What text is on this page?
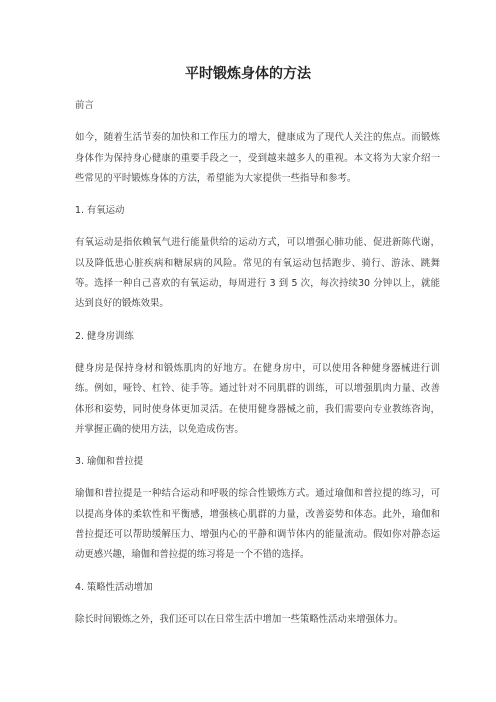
平时锻炼身体的方法

前言

如今，随着生活节奏的加快和工作压力的增大，健康成为了现代人关注的焦点。而锻炼身体作为保持身心健康的重要手段之一，受到越来越多人的重视。本文将为大家介绍一些常见的平时锻炼身体的方法，希望能为大家提供一些指导和参考。

1. 有氧运动

有氧运动是指依赖氧气进行能量供给的运动方式，可以增强心肺功能、促进新陈代谢，以及降低患心脏疾病和糖尿病的风险。常见的有氧运动包括跑步、骑行、游泳、跳舞等。选择一种自己喜欢的有氧运动，每周进行 3 到 5 次，每次持续30 分钟以上，就能达到良好的锻炼效果。

2. 健身房训练

健身房是保持身材和锻炼肌肉的好地方。在健身房中，可以使用各种健身器械进行训练。例如，哑铃、杠铃、徒手等。通过针对不同肌群的训练，可以增强肌肉力量、改善体形和姿势，同时使身体更加灵活。在使用健身器械之前，我们需要向专业教练咨询，并掌握正确的使用方法，以免造成伤害。

3. 瑜伽和普拉提

瑜伽和普拉提是一种结合运动和呼吸的综合性锻炼方式。通过瑜伽和普拉提的练习，可以提高身体的柔软性和平衡感，增强核心肌群的力量，改善姿势和体态。此外，瑜伽和普拉提还可以帮助缓解压力、增强内心的平静和调节体内的能量流动。假如你对静态运动更感兴趣，瑜伽和普拉提的练习将是一个不错的选择。

4. 策略性活动增加

除长时间锻炼之外，我们还可以在日常生活中增加一些策略性活动来增强体力。
